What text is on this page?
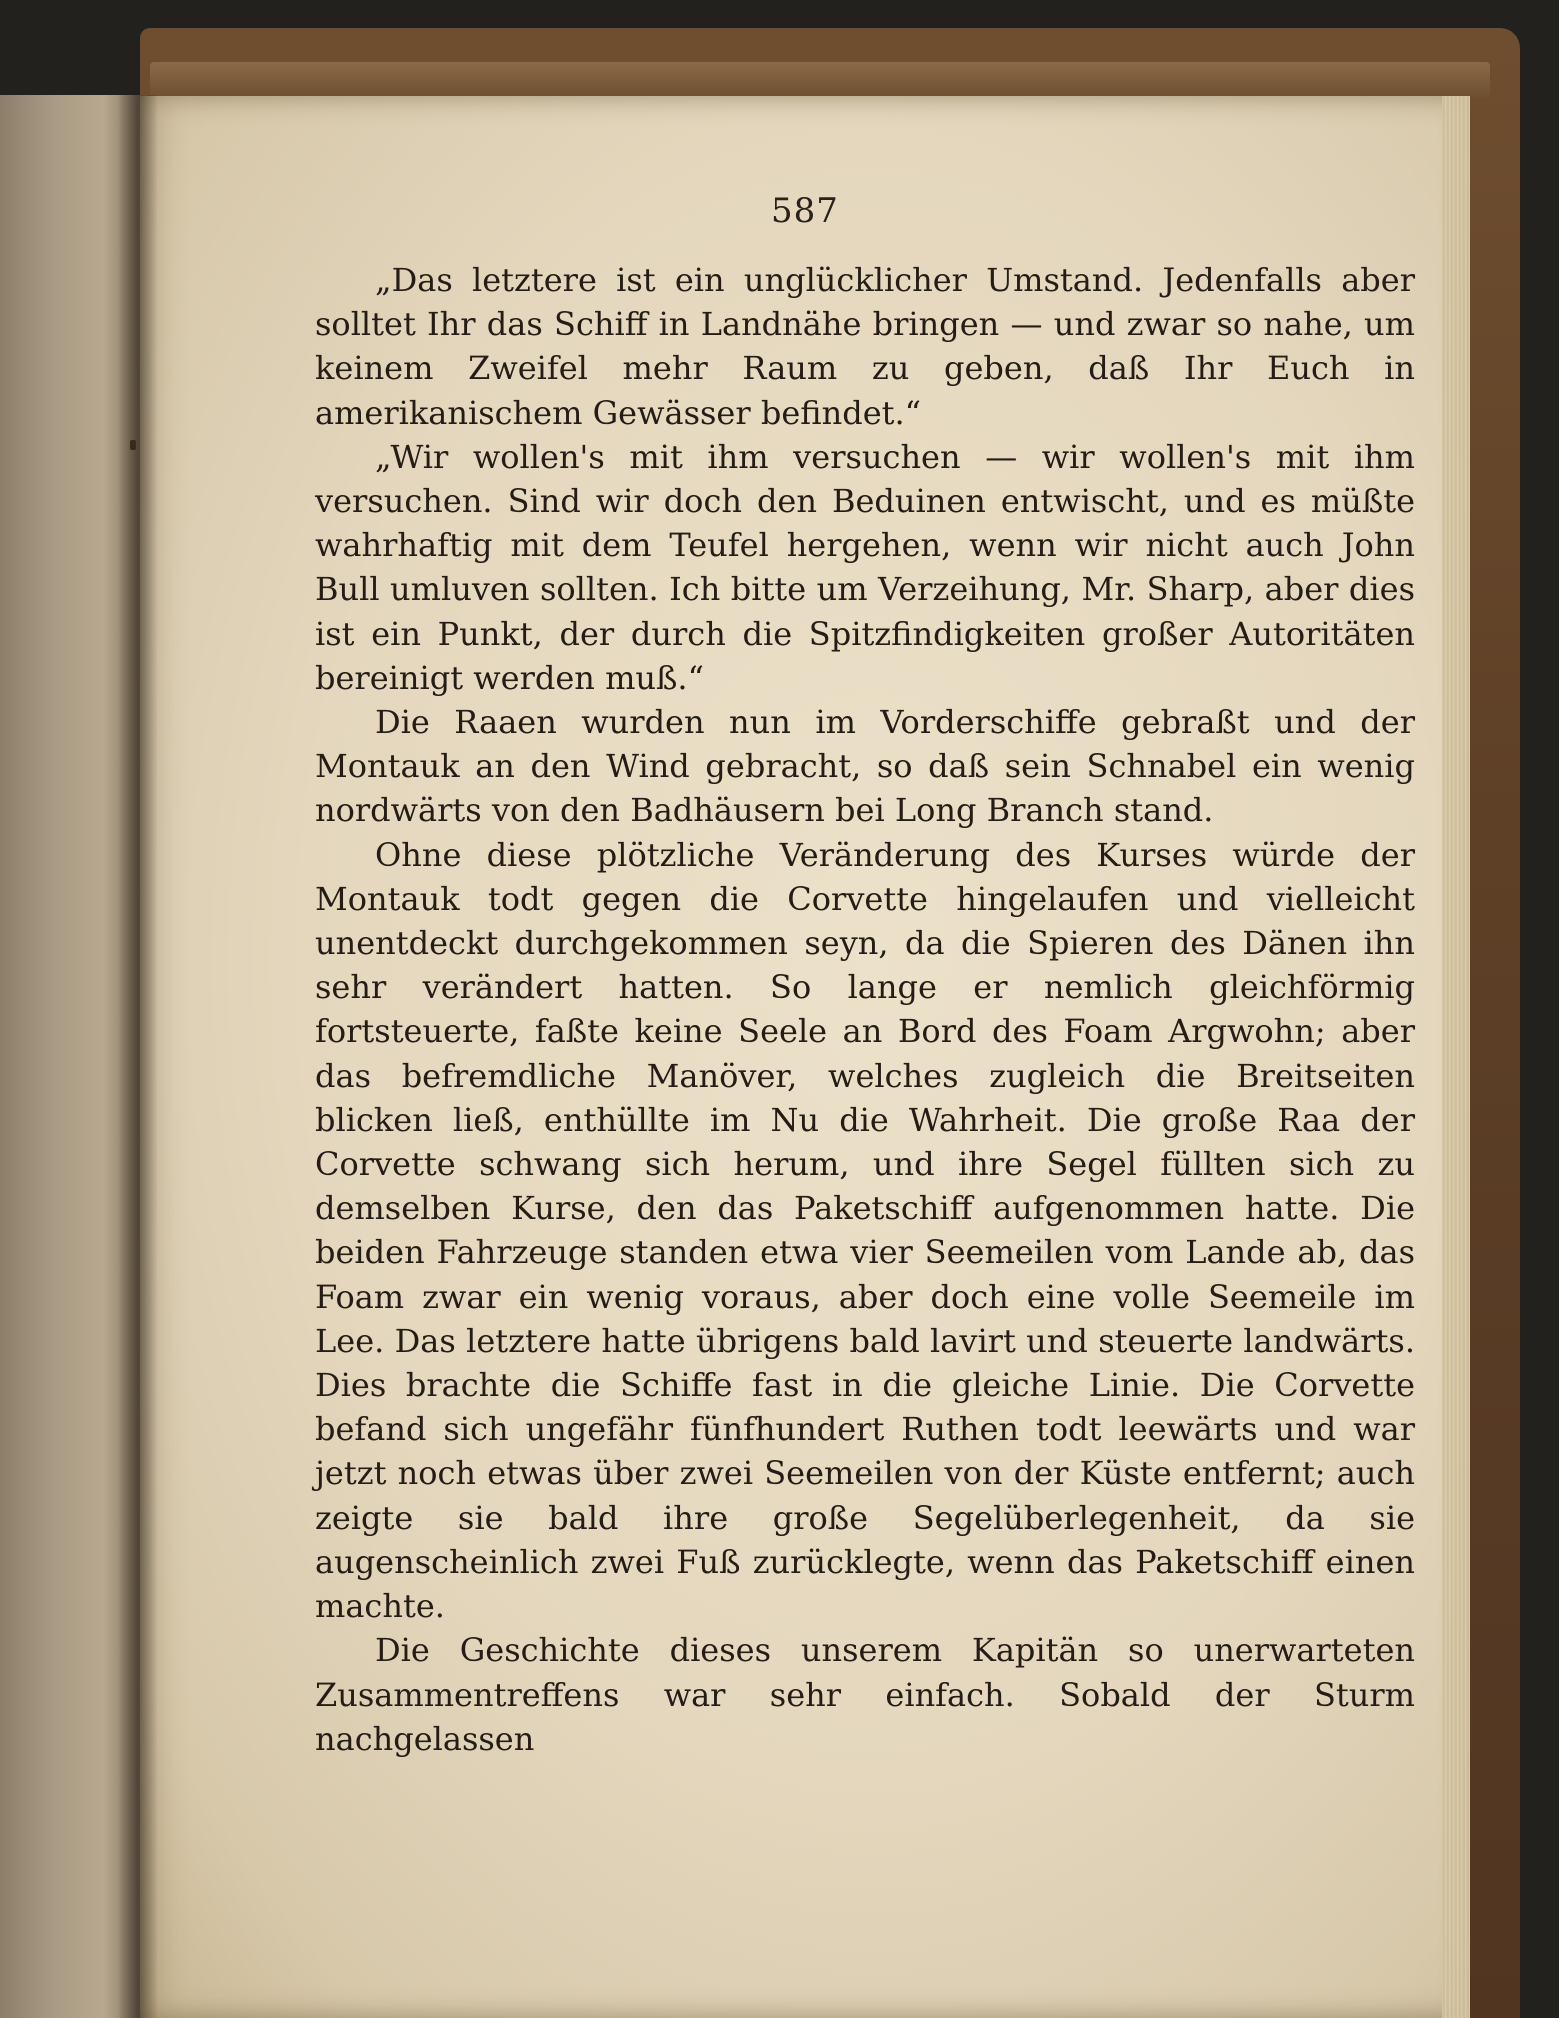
587

„Das letztere ist ein unglücklicher Umstand. Jedenfalls aber solltet Ihr das Schiff in Landnähe bringen — und zwar so nahe, um keinem Zweifel mehr Raum zu geben, daß Ihr Euch in amerikanischem Gewässer befindet.“

„Wir wollen's mit ihm versuchen — wir wollen's mit ihm versuchen. Sind wir doch den Beduinen entwischt, und es müßte wahrhaftig mit dem Teufel hergehen, wenn wir nicht auch John Bull umluven sollten. Ich bitte um Verzeihung, Mr. Sharp, aber dies ist ein Punkt, der durch die Spitzfindigkeiten großer Autoritäten bereinigt werden muß.“

Die Raaen wurden nun im Vorderschiffe gebraßt und der Montauk an den Wind gebracht, so daß sein Schnabel ein wenig nordwärts von den Badhäusern bei Long Branch stand.

Ohne diese plötzliche Veränderung des Kurses würde der Montauk todt gegen die Corvette hingelaufen und vielleicht unentdeckt durchgekommen seyn, da die Spieren des Dänen ihn sehr verändert hatten. So lange er nemlich gleichförmig fortsteuerte, faßte keine Seele an Bord des Foam Argwohn; aber das befremdliche Manöver, welches zugleich die Breitseiten blicken ließ, enthüllte im Nu die Wahrheit. Die große Raa der Corvette schwang sich herum, und ihre Segel füllten sich zu demselben Kurse, den das Paketschiff aufgenommen hatte. Die beiden Fahrzeuge standen etwa vier Seemeilen vom Lande ab, das Foam zwar ein wenig voraus, aber doch eine volle Seemeile im Lee. Das letztere hatte übrigens bald lavirt und steuerte landwärts. Dies brachte die Schiffe fast in die gleiche Linie. Die Corvette befand sich ungefähr fünfhundert Ruthen todt leewärts und war jetzt noch etwas über zwei Seemeilen von der Küste entfernt; auch zeigte sie bald ihre große Segelüberlegenheit, da sie augenscheinlich zwei Fuß zurücklegte, wenn das Paketschiff einen machte.

Die Geschichte dieses unserem Kapitän so unerwarteten Zusammentreffens war sehr einfach. Sobald der Sturm nachgelassen
